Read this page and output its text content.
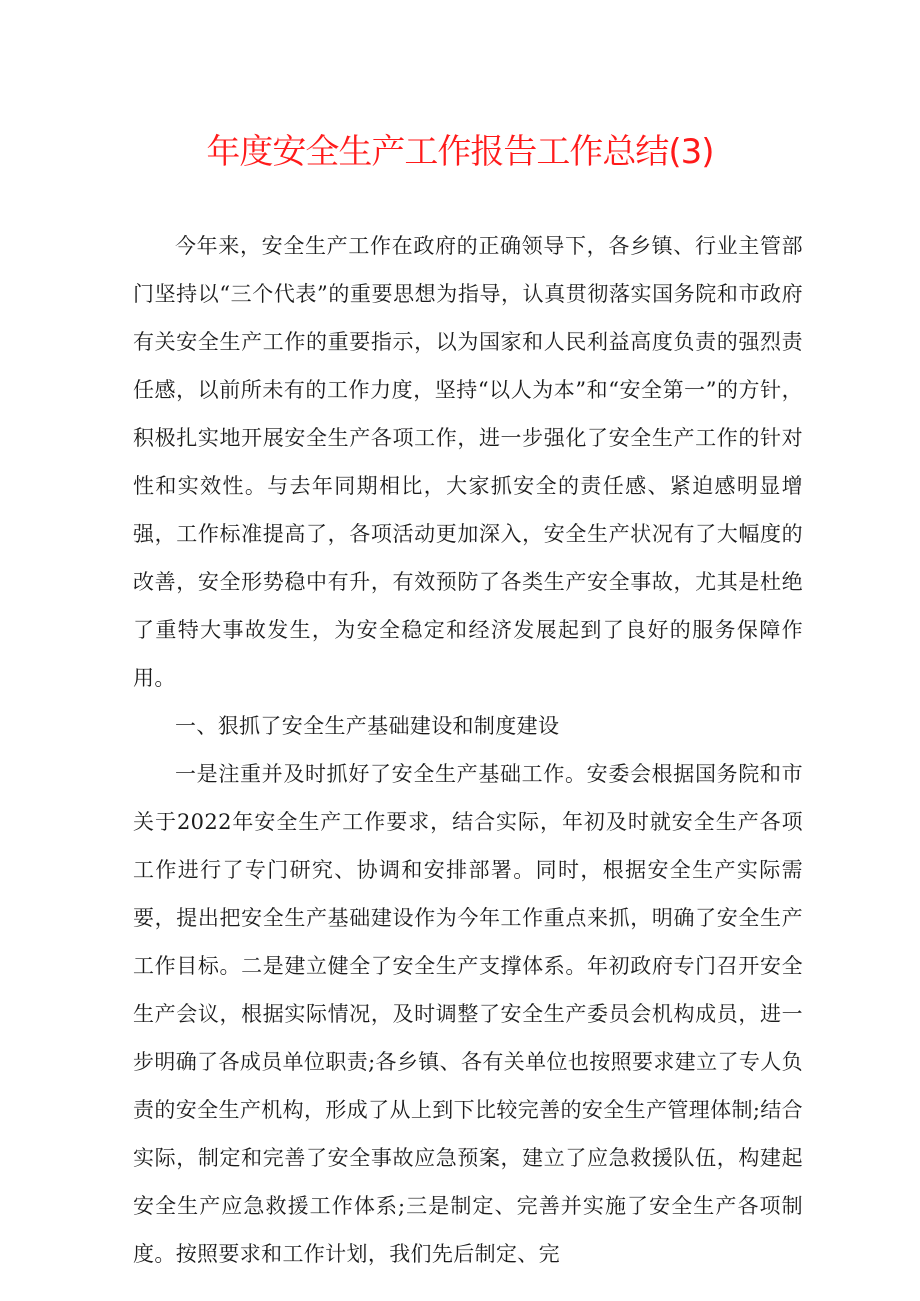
年度安全生产工作报告工作总结(3)

今年来，安全生产工作在政府的正确领导下，各乡镇、行业主管部门坚持以“三个代表”的重要思想为指导，认真贯彻落实国务院和市政府有关安全生产工作的重要指示，以为国家和人民利益高度负责的强烈责任感，以前所未有的工作力度，坚持“以人为本”和“安全第一”的方针，积极扎实地开展安全生产各项工作，进一步强化了安全生产工作的针对性和实效性。与去年同期相比，大家抓安全的责任感、紧迫感明显增强，工作标准提高了，各项活动更加深入，安全生产状况有了大幅度的改善，安全形势稳中有升，有效预防了各类生产安全事故，尤其是杜绝了重特大事故发生，为安全稳定和经济发展起到了良好的服务保障作用。

一、狠抓了安全生产基础建设和制度建设

一是注重并及时抓好了安全生产基础工作。安委会根据国务院和市关于2022年安全生产工作要求，结合实际，年初及时就安全生产各项工作进行了专门研究、协调和安排部署。同时，根据安全生产实际需要，提出把安全生产基础建设作为今年工作重点来抓，明确了安全生产工作目标。二是建立健全了安全生产支撑体系。年初政府专门召开安全生产会议，根据实际情况，及时调整了安全生产委员会机构成员，进一步明确了各成员单位职责;各乡镇、各有关单位也按照要求建立了专人负责的安全生产机构，形成了从上到下比较完善的安全生产管理体制;结合实际，制定和完善了安全事故应急预案，建立了应急救援队伍，构建起安全生产应急救援工作体系;三是制定、完善并实施了安全生产各项制度。按照要求和工作计划，我们先后制定、完
